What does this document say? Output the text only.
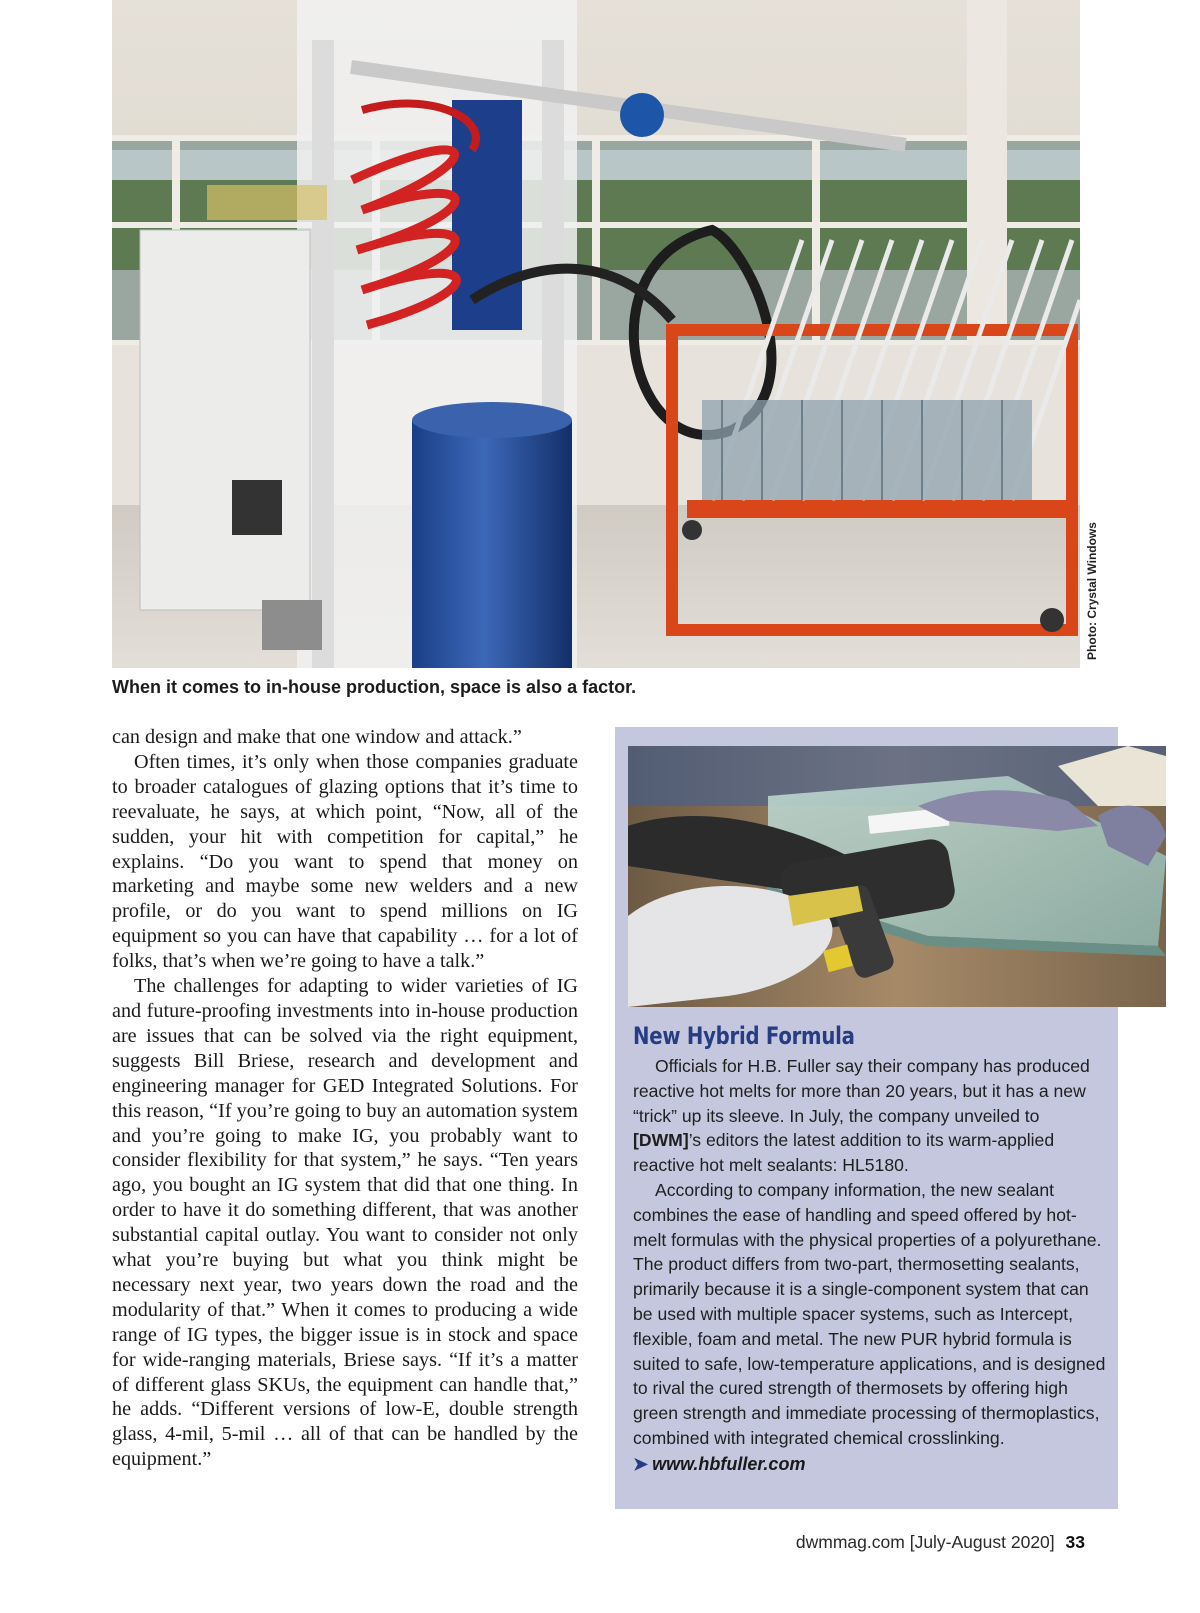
Photo: Crystal Windows
When it comes to in-house production, space is also a factor.

can design and make that one window and attack.”

Often times, it’s only when those companies graduate to broader catalogues of glazing options that it’s time to reevaluate, he says, at which point, “Now, all of the sudden, your hit with competition for capital,” he explains. “Do you want to spend that money on marketing and maybe some new welders and a new profile, or do you want to spend millions on IG equipment so you can have that capability … for a lot of folks, that’s when we’re going to have a talk.”

The challenges for adapting to wider varieties of IG and future-proofing investments into in-house production are issues that can be solved via the right equipment, suggests Bill Briese, research and development and engineering manager for GED Integrated Solutions. For this reason, “If you’re going to buy an automation system and you’re going to make IG, you probably want to consider flexibility for that system,” he says. “Ten years ago, you bought an IG system that did that one thing. In order to have it do something different, that was another substantial capital outlay. You want to consider not only what you’re buying but what you think might be necessary next year, two years down the road and the modularity of that.” When it comes to producing a wide range of IG types, the bigger issue is in stock and space for wide-ranging materials, Briese says. “If it’s a matter of different glass SKUs, the equipment can handle that,” he adds. “Different versions of low-E, double strength glass, 4-mil, 5-mil … all of that can be handled by the equipment.”

New Hybrid Formula

Officials for H.B. Fuller say their company has produced reactive hot melts for more than 20 years, but it has a new “trick” up its sleeve. In July, the company unveiled to [DWM]’s editors the latest addition to its warm-applied reactive hot melt sealants: HL5180.

According to company information, the new sealant combines the ease of handling and speed offered by hot-melt formulas with the physical properties of a polyurethane. The product differs from two-part, thermosetting sealants, primarily because it is a single-component system that can be used with multiple spacer systems, such as Intercept, flexible, foam and metal. The new PUR hybrid formula is suited to safe, low-temperature applications, and is designed to rival the cured strength of thermosets by offering high green strength and immediate processing of thermoplastics, combined with integrated chemical crosslinking.

➤ www.hbfuller.com
dwmmag.com [July-August 2020] 33
